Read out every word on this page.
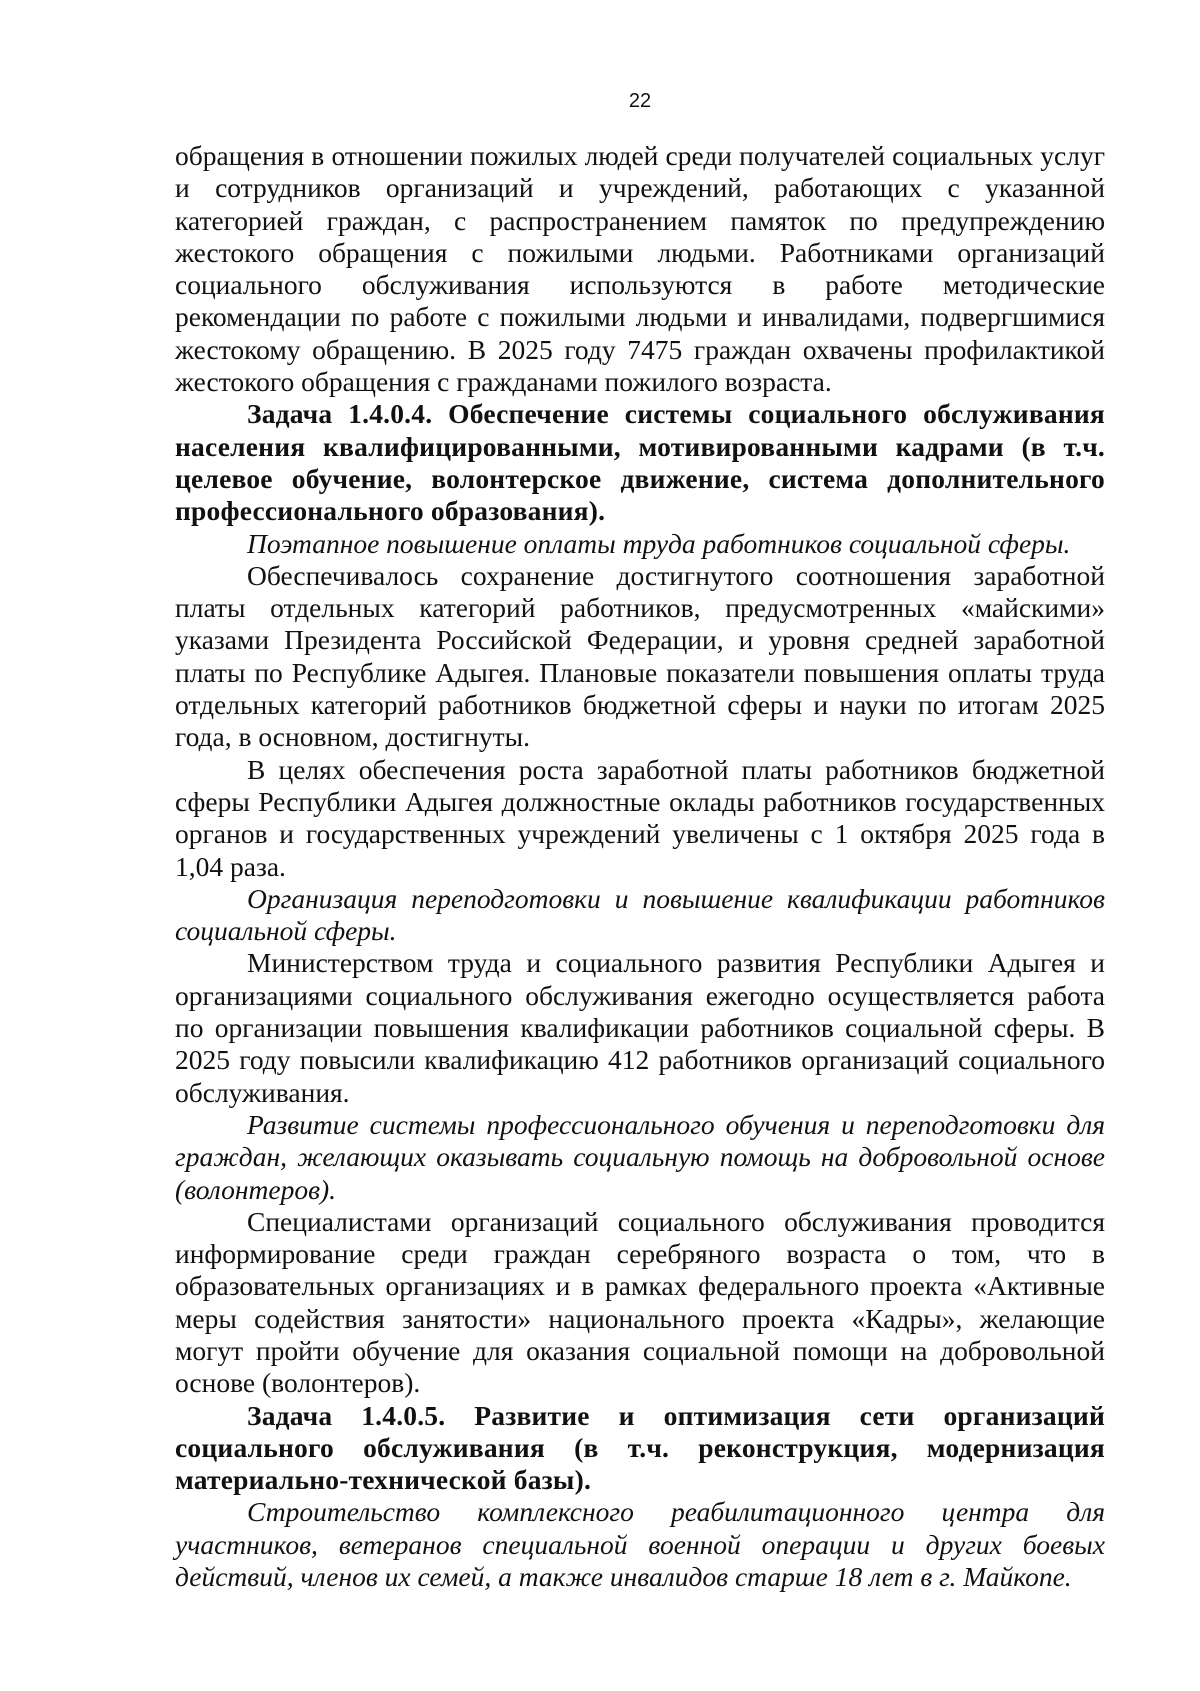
22

обращения в отношении пожилых людей среди получателей социальных услуг и сотрудников организаций и учреждений, работающих с указанной категорией граждан, с распространением памяток по предупреждению жестокого обращения с пожилыми людьми. Работниками организаций социального обслуживания используются в работе методические рекомендации по работе с пожилыми людьми и инвалидами, подвергшимися жестокому обращению. В 2025 году 7475 граждан охвачены профилактикой жестокого обращения с гражданами пожилого возраста.

Задача 1.4.0.4. Обеспечение системы социального обслуживания населения квалифицированными, мотивированными кадрами (в т.ч. целевое обучение, волонтерское движение, система дополнительного профессионального образования).

Поэтапное повышение оплаты труда работников социальной сферы.

Обеспечивалось сохранение достигнутого соотношения заработной платы отдельных категорий работников, предусмотренных «майскими» указами Президента Российской Федерации, и уровня средней заработной платы по Республике Адыгея. Плановые показатели повышения оплаты труда отдельных категорий работников бюджетной сферы и науки по итогам 2025 года, в основном, достигнуты.

В целях обеспечения роста заработной платы работников бюджетной сферы Республики Адыгея должностные оклады работников государственных органов и государственных учреждений увеличены с 1 октября 2025 года в 1,04 раза.

Организация переподготовки и повышение квалификации работников социальной сферы.

Министерством труда и социального развития Республики Адыгея и организациями социального обслуживания ежегодно осуществляется работа по организации повышения квалификации работников социальной сферы. В 2025 году повысили квалификацию 412 работников организаций социального обслуживания.

Развитие системы профессионального обучения и переподготовки для граждан, желающих оказывать социальную помощь на добровольной основе (волонтеров).

Специалистами организаций социального обслуживания проводится информирование среди граждан серебряного возраста о том, что в образовательных организациях и в рамках федерального проекта «Активные меры содействия занятости» национального проекта «Кадры», желающие могут пройти обучение для оказания социальной помощи на добровольной основе (волонтеров).

Задача 1.4.0.5. Развитие и оптимизация сети организаций социального обслуживания (в т.ч. реконструкция, модернизация материально-технической базы).

Строительство комплексного реабилитационного центра для участников, ветеранов специальной военной операции и других боевых действий, членов их семей, а также инвалидов старше 18 лет в г. Майкопе.
